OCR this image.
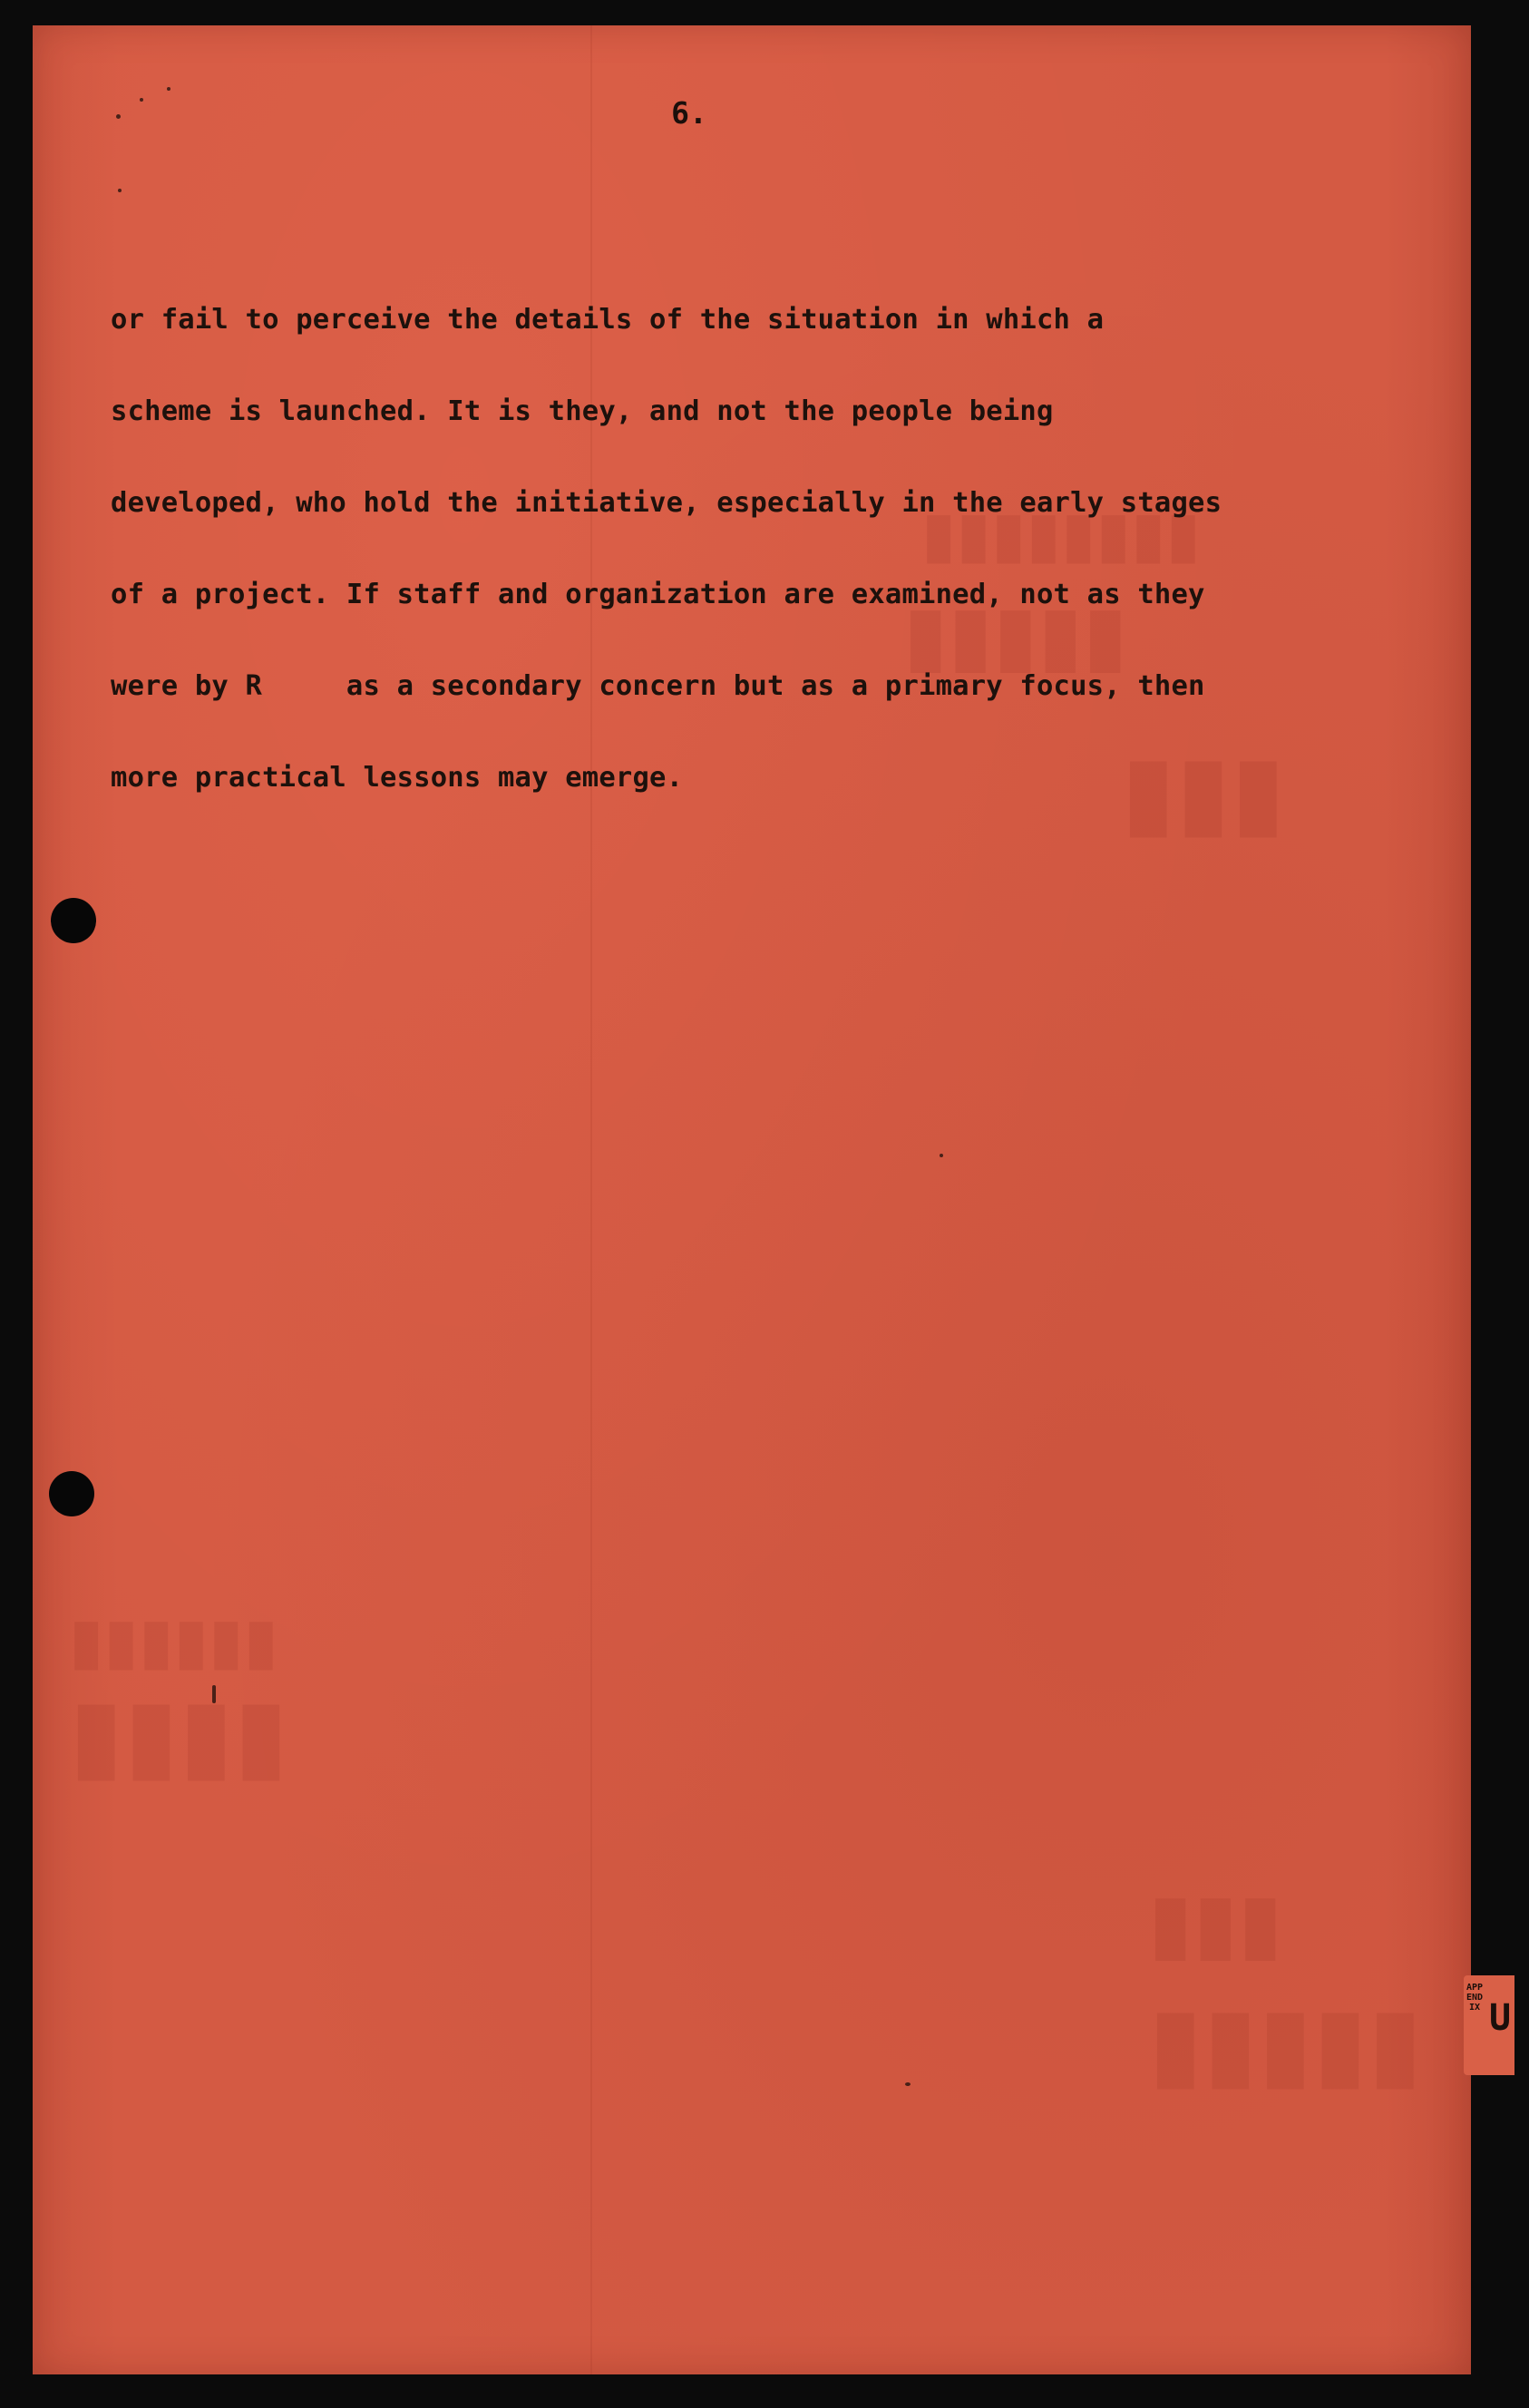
▮▮▮▮▮▮▮▮
▮▮▮▮▮
▮▮▮
▮▮▮▮▮▮
▮▮▮▮
▮▮▮
▮▮▮▮▮
6.
or fail to perceive the details of the situation in which a
scheme is launched. It is they, and not the people being
developed, who hold the initiative, especially in the early stages
of a project. If staff and organization are examined, not as they
were by R     as a secondary concern but as a primary focus, then
more practical lessons may emerge.
APPENDIX U
